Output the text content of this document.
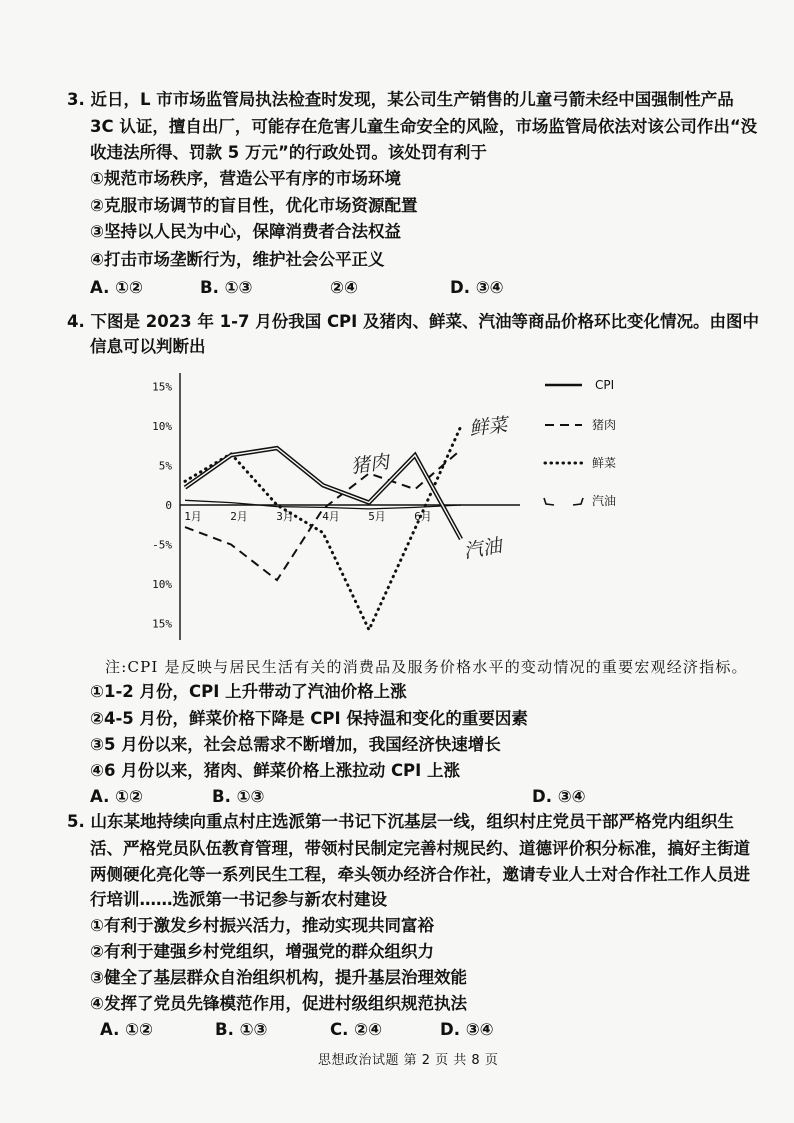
3. 近日，L 市市场监管局执法检查时发现，某公司生产销售的儿童弓箭未经中国强制性产品
3C 认证，擅自出厂，可能存在危害儿童生命安全的风险，市场监管局依法对该公司作出“没
收违法所得、罚款 5 万元”的行政处罚。该处罚有利于
①规范市场秩序，营造公平有序的市场环境
②克服市场调节的盲目性，优化市场资源配置
③坚持以人民为中心，保障消费者合法权益
④打击市场垄断行为，维护社会公平正义
A. ①②	B. ①③	②④	D. ③④
4. 下图是 2023 年 1-7 月份我国 CPI 及猪肉、鲜菜、汽油等商品价格环比变化情况。由图中
信息可以判断出
15%
10%
5%
0
-5%
10%
15%
1月	2月	3月	4月	5月	6月
CPI
猪肉
鲜菜
汽油
猪肉
鲜菜
汽油
注:CPI 是反映与居民生活有关的消费品及服务价格水平的变动情况的重要宏观经济指标。
①1-2 月份，CPI 上升带动了汽油价格上涨
②4-5 月份，鲜菜价格下降是 CPI 保持温和变化的重要因素
③5 月份以来，社会总需求不断增加，我国经济快速增长
④6 月份以来，猪肉、鲜菜价格上涨拉动 CPI 上涨
A. ①②	B. ①③	D. ③④
5. 山东某地持续向重点村庄选派第一书记下沉基层一线，组织村庄党员干部严格党内组织生
活、严格党员队伍教育管理，带领村民制定完善村规民约、道德评价积分标准，搞好主街道
两侧硬化亮化等一系列民生工程，牵头领办经济合作社，邀请专业人士对合作社工作人员进
行培训……选派第一书记参与新农村建设
①有利于激发乡村振兴活力，推动实现共同富裕
②有利于建强乡村党组织，增强党的群众组织力
③健全了基层群众自治组织机构，提升基层治理效能
④发挥了党员先锋模范作用，促进村级组织规范执法
A. ①②	B. ①③	C. ②④	D. ③④
思想政治试题 第 2 页 共 8 页
